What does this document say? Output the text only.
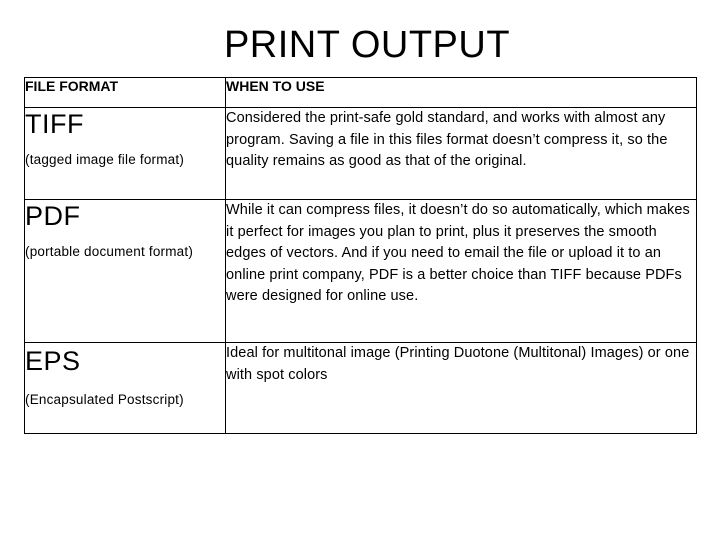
PRINT OUTPUT
FILE FORMAT	WHEN TO USE

TIFF
(tagged image file format)	Considered the print-safe gold standard, and works with almost any program. Saving a file in this files format doesn’t compress it, so the quality remains as good as that of the original.

PDF
(portable document format)	While it can compress files, it doesn’t do so automatically, which makes it perfect for images you plan to print, plus it preserves the smooth edges of vectors. And if you need to email the file or upload it to an online print company, PDF is a better choice than TIFF because PDFs were designed for online use.

EPS
(Encapsulated Postscript)	Ideal for multitonal image (Printing Duotone (Multitonal) Images) or one with spot colors
